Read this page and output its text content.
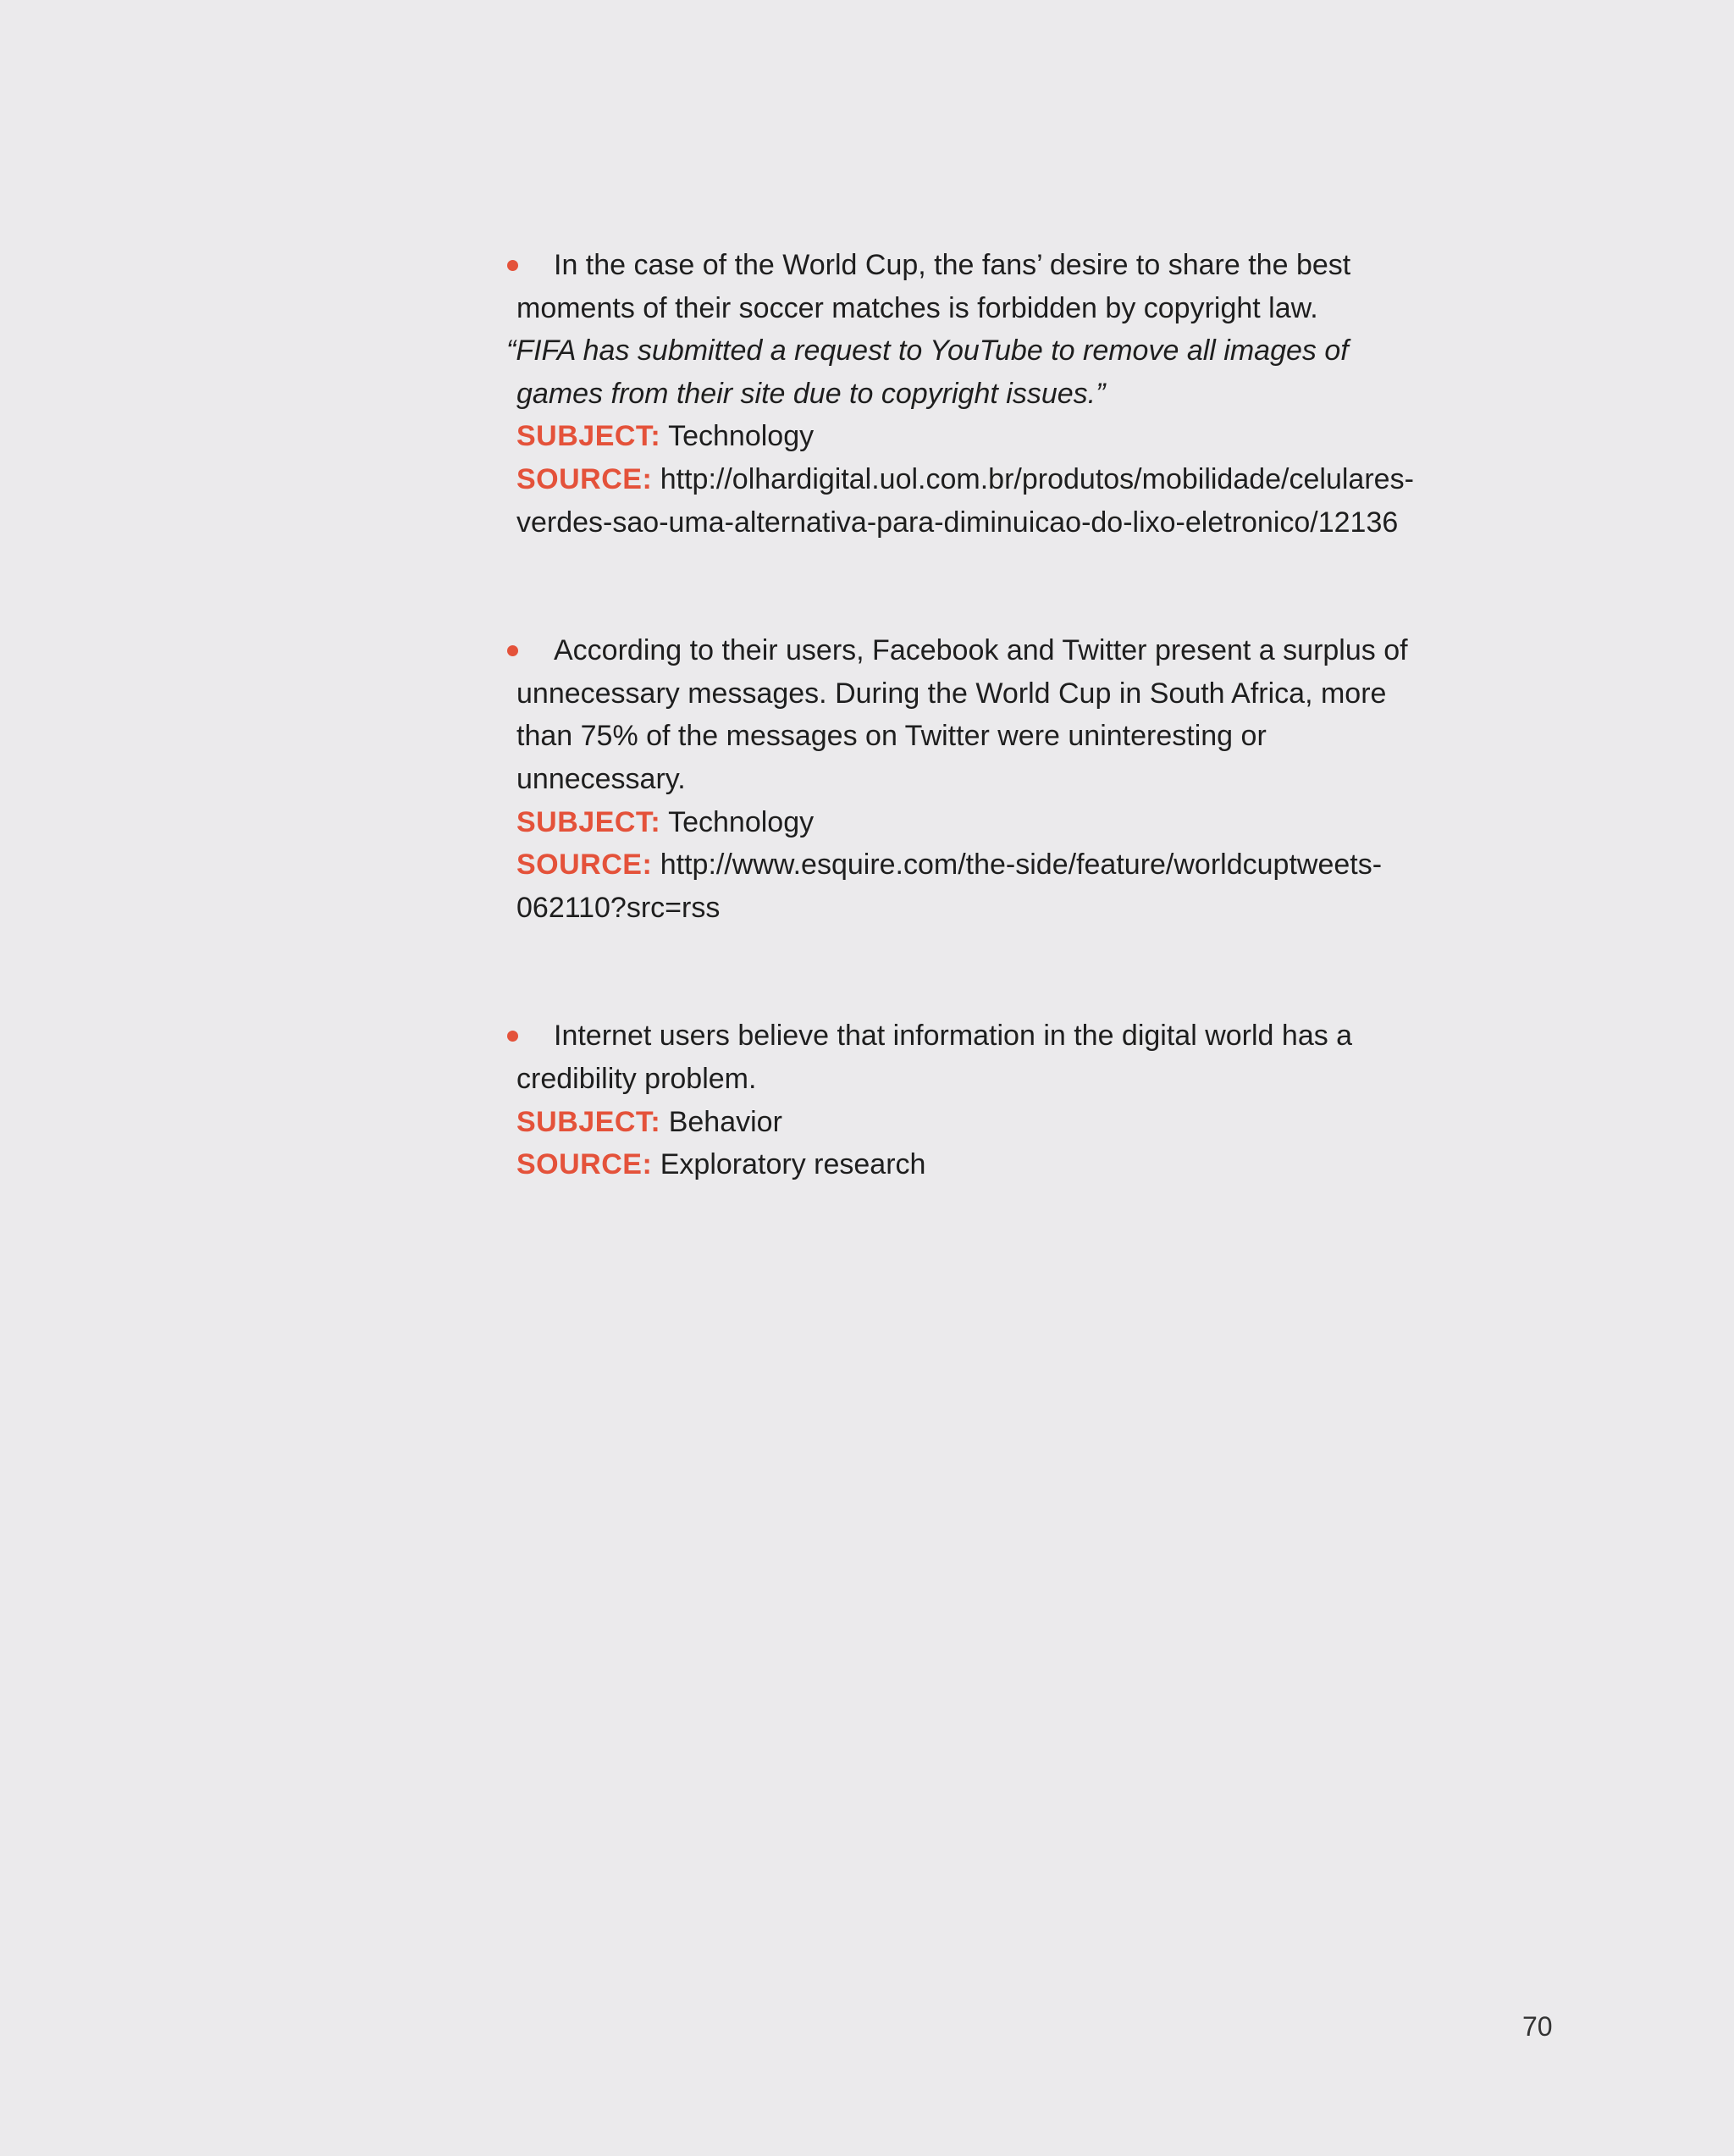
In the case of the World Cup, the fans’ desire to share the best moments of their soccer matches is forbidden by copyright law.
“FIFA has submitted a request to YouTube to remove all images of games from their site due to copyright issues.”
SUBJECT: Technology
SOURCE: http://olhardigital.uol.com.br/produtos/mobilidade/celulares-verdes-sao-uma-alternativa-para-diminuicao-do-lixo-eletronico/12136
According to their users, Facebook and Twitter present a surplus of unnecessary messages. During the World Cup in South Africa, more than 75% of the messages on Twitter were uninteresting or unnecessary.
SUBJECT: Technology
SOURCE: http://www.esquire.com/the-side/feature/worldcuptweets-062110?src=rss
Internet users believe that information in the digital world has a credibility problem.
SUBJECT: Behavior
SOURCE: Exploratory research
70
